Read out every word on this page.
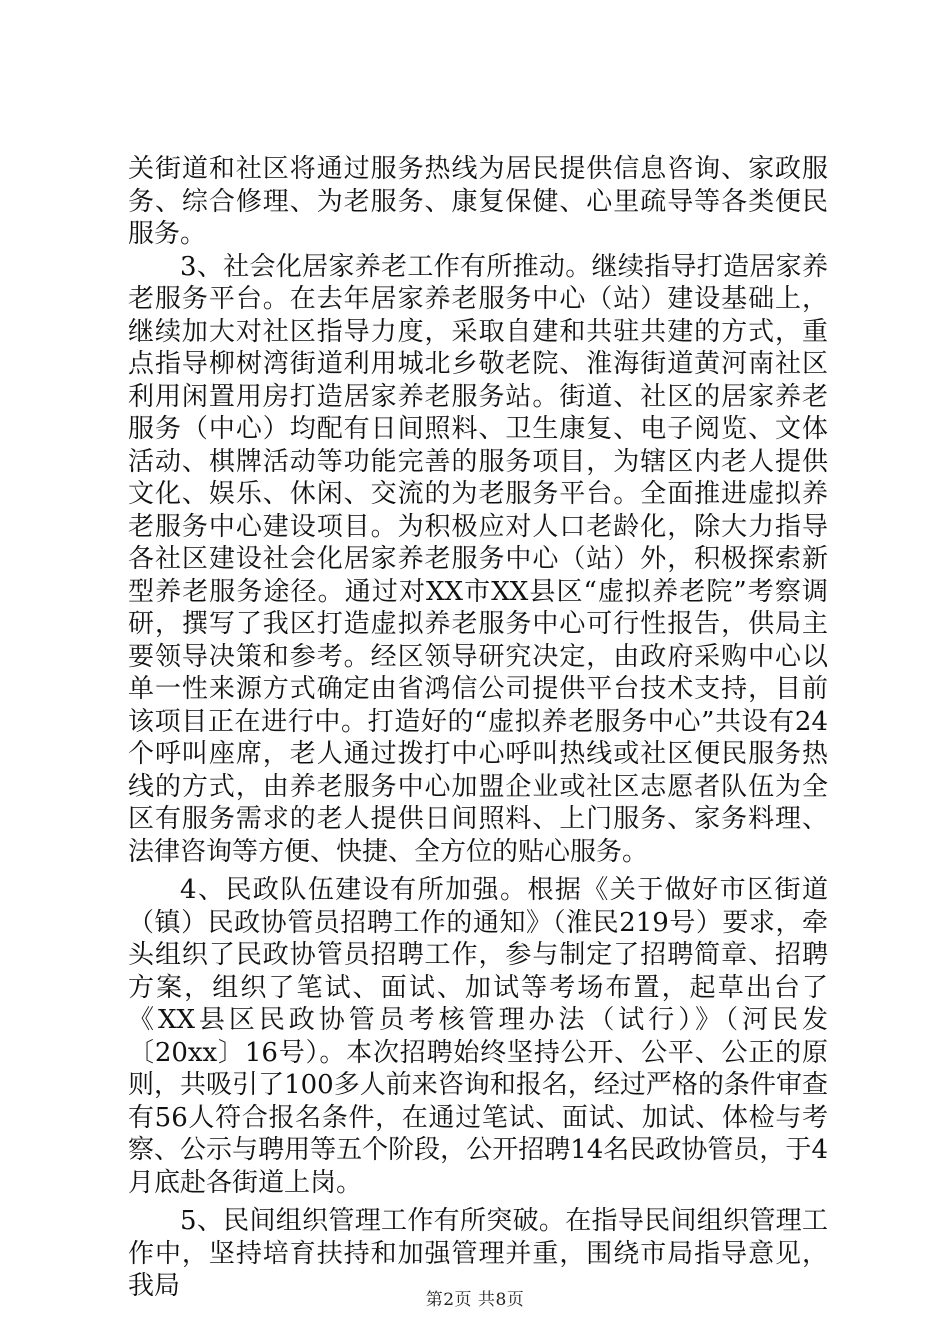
关街道和社区将通过服务热线为居民提供信息咨询、家政服务、综合修理、为老服务、康复保健、心里疏导等各类便民服务。

3、社会化居家养老工作有所推动。继续指导打造居家养老服务平台。在去年居家养老服务中心（站）建设基础上，继续加大对社区指导力度，采取自建和共驻共建的方式，重点指导柳树湾街道利用城北乡敬老院、淮海街道黄河南社区利用闲置用房打造居家养老服务站。街道、社区的居家养老服务（中心）均配有日间照料、卫生康复、电子阅览、文体活动、棋牌活动等功能完善的服务项目，为辖区内老人提供文化、娱乐、休闲、交流的为老服务平台。全面推进虚拟养老服务中心建设项目。为积极应对人口老龄化，除大力指导各社区建设社会化居家养老服务中心（站）外，积极探索新型养老服务途径。通过对XX市XX县区“虚拟养老院”考察调研，撰写了我区打造虚拟养老服务中心可行性报告，供局主要领导决策和参考。经区领导研究决定，由政府采购中心以单一性来源方式确定由省鸿信公司提供平台技术支持，目前该项目正在进行中。打造好的“虚拟养老服务中心”共设有24个呼叫座席，老人通过拨打中心呼叫热线或社区便民服务热线的方式，由养老服务中心加盟企业或社区志愿者队伍为全区有服务需求的老人提供日间照料、上门服务、家务料理、法律咨询等方便、快捷、全方位的贴心服务。

4、民政队伍建设有所加强。根据《关于做好市区街道（镇）民政协管员招聘工作的通知》（淮民219号）要求，牵头组织了民政协管员招聘工作，参与制定了招聘简章、招聘方案，组织了笔试、面试、加试等考场布置，起草出台了《XX县区民政协管员考核管理办法（试行）》（河民发〔20xx〕16号）。本次招聘始终坚持公开、公平、公正的原则，共吸引了100多人前来咨询和报名，经过严格的条件审查有56人符合报名条件，在通过笔试、面试、加试、体检与考察、公示与聘用等五个阶段，公开招聘14名民政协管员，于4月底赴各街道上岗。

5、民间组织管理工作有所突破。在指导民间组织管理工作中，坚持培育扶持和加强管理并重，围绕市局指导意见，我局	第2页 共8页
